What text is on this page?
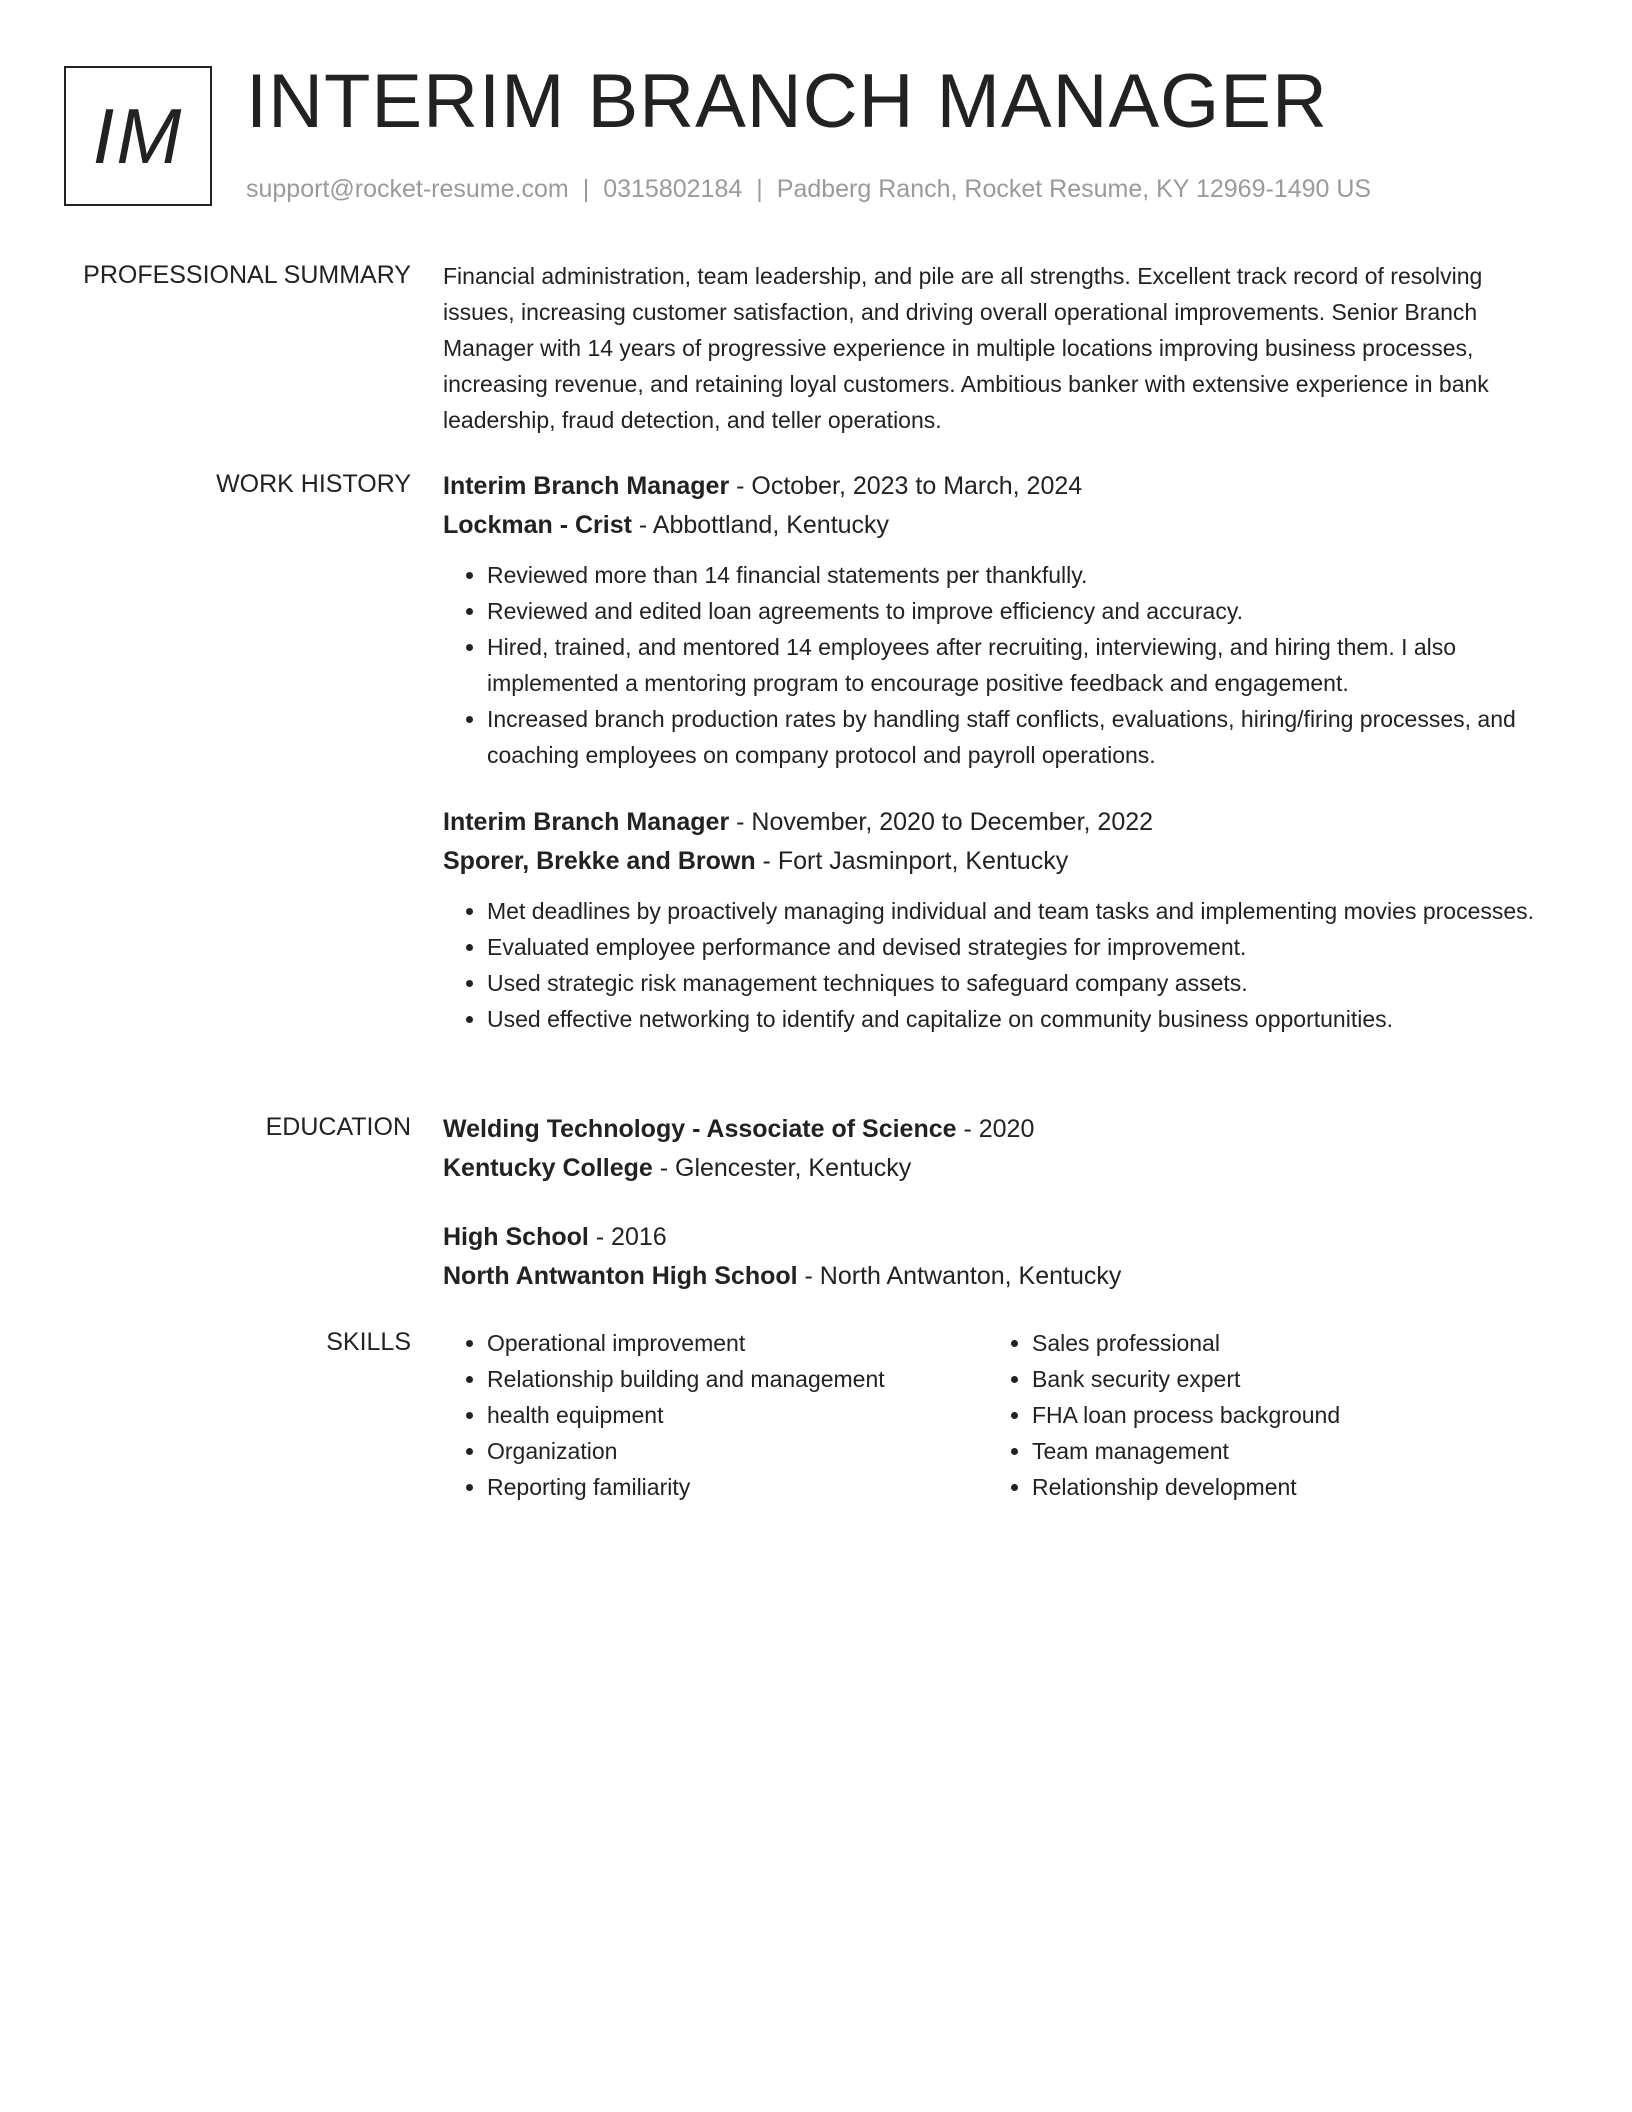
IM INTERIM BRANCH MANAGER
support@rocket-resume.com | 0315802184 | Padberg Ranch, Rocket Resume, KY 12969-1490 US
PROFESSIONAL SUMMARY Financial administration, team leadership, and pile are all strengths. Excellent track record of resolving issues, increasing customer satisfaction, and driving overall operational improvements. Senior Branch Manager with 14 years of progressive experience in multiple locations improving business processes, increasing revenue, and retaining loyal customers. Ambitious banker with extensive experience in bank leadership, fraud detection, and teller operations.

WORK HISTORY Interim Branch Manager - October, 2023 to March, 2024
Lockman - Crist - Abbottland, Kentucky
• Reviewed more than 14 financial statements per thankfully.
• Reviewed and edited loan agreements to improve efficiency and accuracy.
• Hired, trained, and mentored 14 employees after recruiting, interviewing, and hiring them. I also implemented a mentoring program to encourage positive feedback and engagement.
• Increased branch production rates by handling staff conflicts, evaluations, hiring/firing processes, and coaching employees on company protocol and payroll operations.
Interim Branch Manager - November, 2020 to December, 2022
Sporer, Brekke and Brown - Fort Jasminport, Kentucky
• Met deadlines by proactively managing individual and team tasks and implementing movies processes.
• Evaluated employee performance and devised strategies for improvement.
• Used strategic risk management techniques to safeguard company assets.
• Used effective networking to identify and capitalize on community business opportunities.
EDUCATION Welding Technology - Associate of Science - 2020
Kentucky College - Glencester, Kentucky
High School - 2016
North Antwanton High School - North Antwanton, Kentucky
SKILLS
•	Operational improvement
• Relationship building and management
• health equipment
• Organization
• Reporting familiarity
• Sales professional
• Bank security expert
• FHA loan process background
• Team management
• Relationship development
